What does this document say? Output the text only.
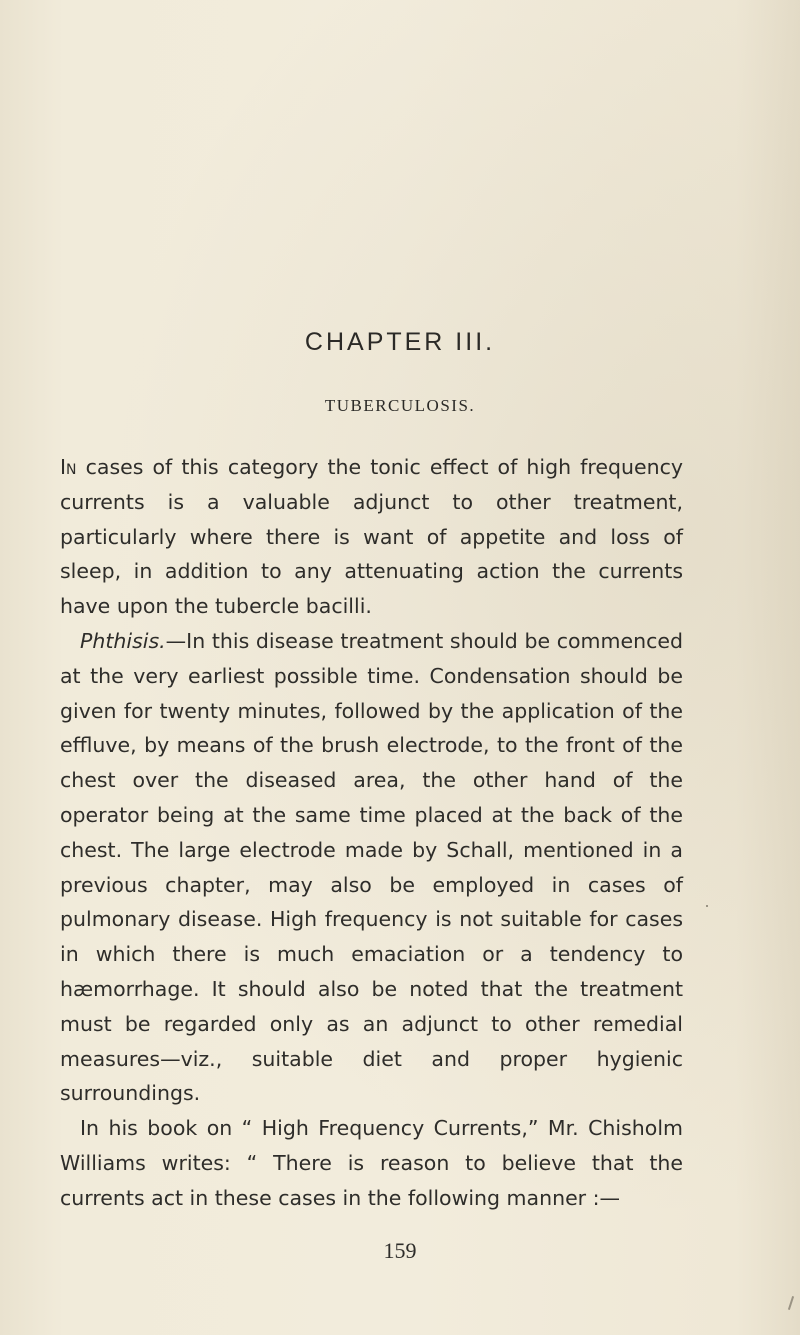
CHAPTER III.
TUBERCULOSIS.

In cases of this category the tonic effect of high frequency currents is a valuable adjunct to other treatment, particularly where there is want of appetite and loss of sleep, in addition to any attenuating action the currents have upon the tubercle bacilli.

Phthisis.—In this disease treatment should be commenced at the very earliest possible time. Condensation should be given for twenty minutes, followed by the application of the effluve, by means of the brush electrode, to the front of the chest over the diseased area, the other hand of the operator being at the same time placed at the back of the chest. The large electrode made by Schall, mentioned in a previous chapter, may also be employed in cases of pulmonary disease. High frequency is not suitable for cases in which there is much emaciation or a tendency to hæmorrhage. It should also be noted that the treatment must be regarded only as an adjunct to other remedial measures—viz., suitable diet and proper hygienic surroundings.

In his book on “ High Frequency Currents,” Mr. Chisholm Williams writes: “ There is reason to believe that the currents act in these cases in the following manner :—

159
